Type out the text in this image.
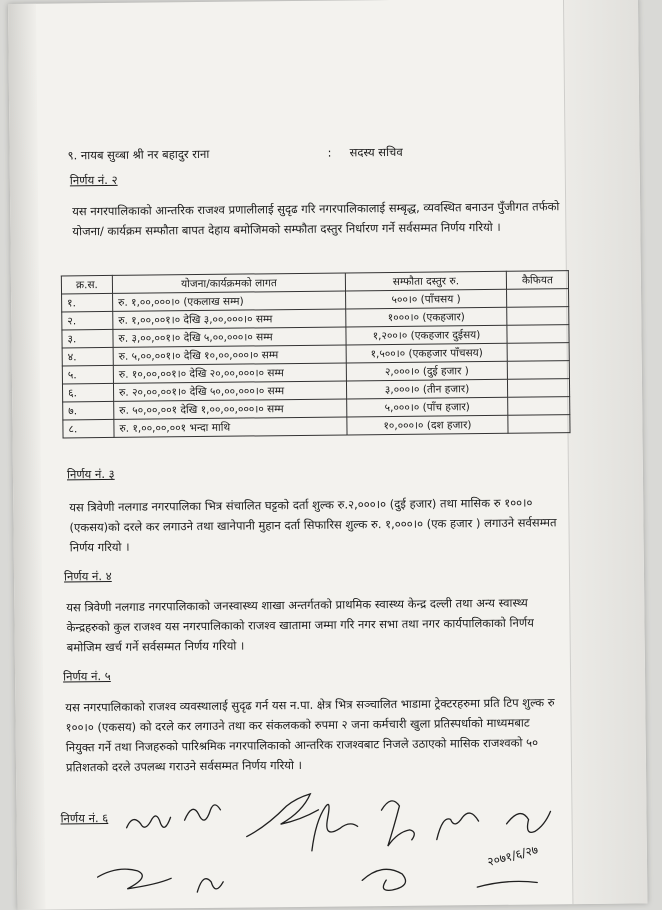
९. नायब सुव्बा श्री नर बहादुर राना	: सदस्य सचिव
निर्णय नं. २
यस नगरपालिकाको आन्तरिक राजश्व प्रणालीलाई सुदृढ गरि नगरपालिकालाई सम्बृद्ध, व्यवस्थित बनाउन पुँजीगत तर्फको योजना/ कार्यक्रम सम्फौता बापत देहाय बमोजिमको सम्फौता दस्तुर निर्धारण गर्ने सर्वसम्मत निर्णय गरियो ।
क्र.स.	योजना/कार्यक्रमको लागत	सम्फौता दस्तुर रु.	कैफियत
१.	रु. १,००,०००।० (एकलाख सम्म)	५००।० (पाँचसय )	
२.	रु. १,००,००१।० देखि ३,००,०००।० सम्म	१०००।० (एकहजार)	
३.	रु. ३,००,००१।० देखि ५,००,०००।० सम्म	१,२००।० (एकहजार दुईसय)	
४.	रु. ५,००,००१।० देखि १०,००,०००।० सम्म	१,५००।० (एकहजार पाँचसय)	
५.	रु. १०,००,००१।० देखि २०,००,०००।० सम्म	२,०००।० (दुई हजार )	
६.	रु. २०,००,००१।० देखि ५०,००,०००।० सम्म	३,०००।० (तीन हजार)	
७.	रु. ५०,००,००१ देखि १,००,००,०००।० सम्म	५,०००।० (पाँच हजार)	
८.	रु. १,००,००,००१ भन्दा माथि	१०,०००।० (दश हजार)	
निर्णय नं. ३
यस त्रिवेणी नलगाड नगरपालिका भित्र संचालित घट्टको दर्ता शुल्क रु.२,०००।० (दुई हजार) तथा मासिक रु १००।० (एकसय)को दरले कर लगाउने तथा खानेपानी मुहान दर्ता सिफारिस शुल्क रु. १,०००।० (एक हजार ) लगाउने सर्वसम्मत निर्णय गरियो ।
निर्णय नं. ४
यस त्रिवेणी नलगाड नगरपालिकाको जनस्वास्थ्य शाखा अन्तर्गतको प्राथमिक स्वास्थ्य केन्द्र दल्ली तथा अन्य स्वास्थ्य केन्द्रहरुको कुल राजश्व यस नगरपालिकाको राजश्व खातामा जम्मा गरि नगर सभा तथा नगर कार्यपालिकाको निर्णय बमोजिम खर्च गर्ने सर्वसम्मत निर्णय गरियो ।
निर्णय नं. ५
यस नगरपालिकाको राजश्व व्यवस्थालाई सुदृढ गर्न यस न.पा. क्षेत्र भित्र सञ्चालित भाडामा ट्रेक्टरहरुमा प्रति टिप शुल्क रु १००।० (एकसय) को दरले कर लगाउने तथा कर संकलकको रुपमा २ जना कर्मचारी खुला प्रतिस्पर्धाको माध्यमबाट नियुक्त गर्ने तथा निजहरुको पारिश्रमिक नगरपालिकाको आन्तरिक राजश्वबाट निजले उठाएको मासिक राजश्वको ५० प्रतिशतको दरले उपलब्ध गराउने सर्वसम्मत निर्णय गरियो ।
निर्णय नं. ६
२०७१/६/२७
